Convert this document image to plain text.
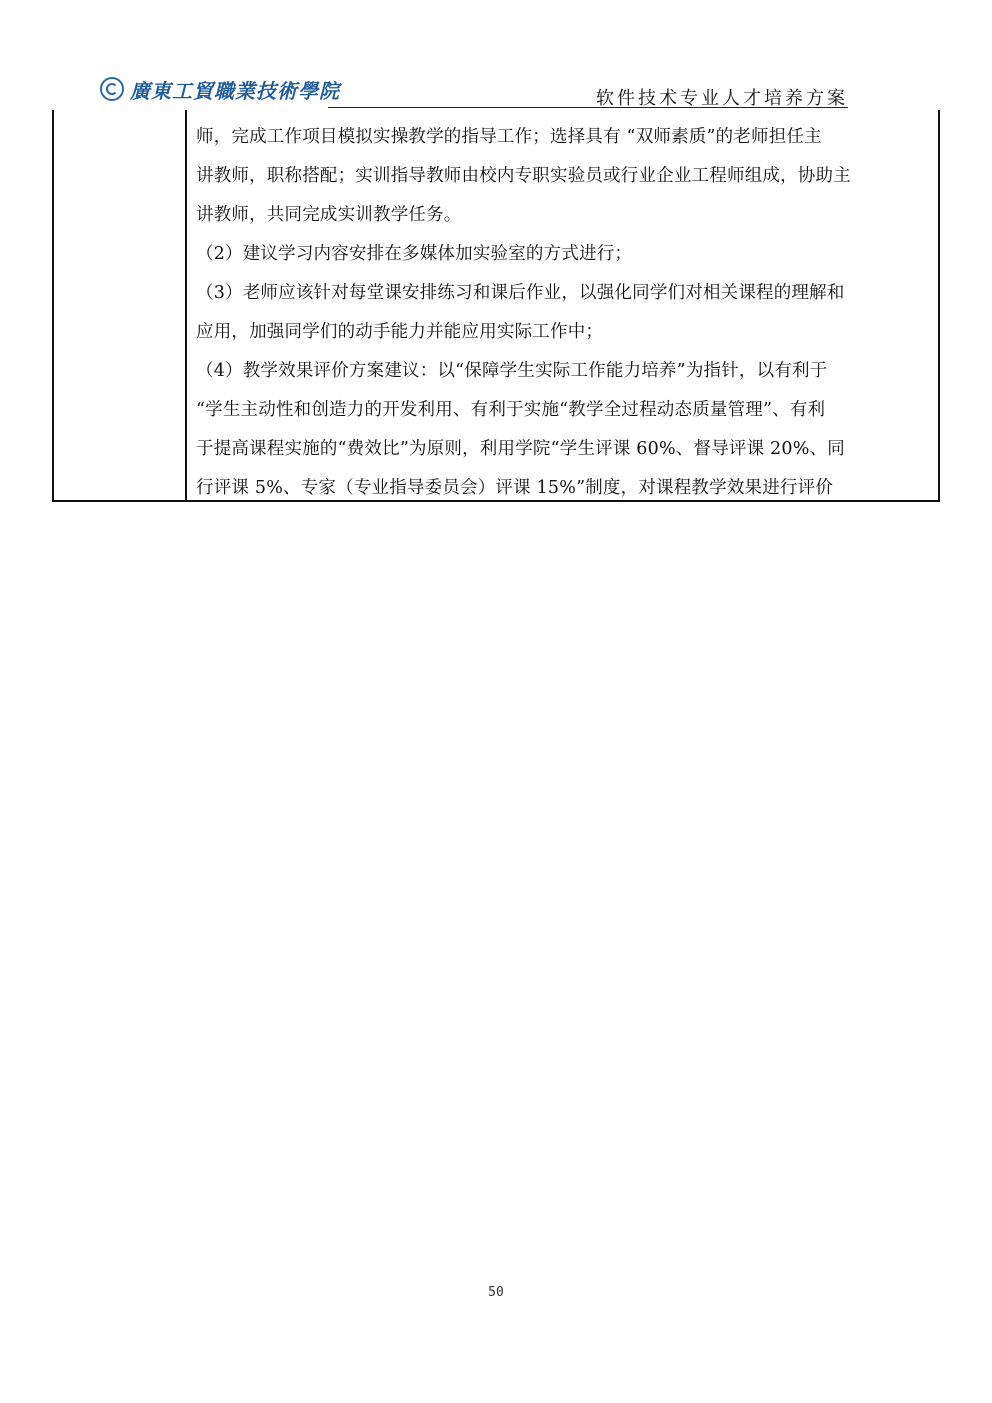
廣東工貿職業技術學院	软件技术专业人才培养方案
师，完成工作项目模拟实操教学的指导工作；选择具有 “双师素质”的老师担任主
讲教师，职称搭配；实训指导教师由校内专职实验员或行业企业工程师组成，协助主
讲教师，共同完成实训教学任务。
（2）建议学习内容安排在多媒体加实验室的方式进行；
（3）老师应该针对每堂课安排练习和课后作业，以强化同学们对相关课程的理解和
应用，加强同学们的动手能力并能应用实际工作中；
（4）教学效果评价方案建议：以“保障学生实际工作能力培养”为指针，以有利于
“学生主动性和创造力的开发利用、有利于实施“教学全过程动态质量管理”、有利
于提高课程实施的“费效比”为原则，利用学院“学生评课 60%、督导评课 20%、同
行评课 5%、专家（专业指导委员会）评课 15%”制度，对课程教学效果进行评价
50
